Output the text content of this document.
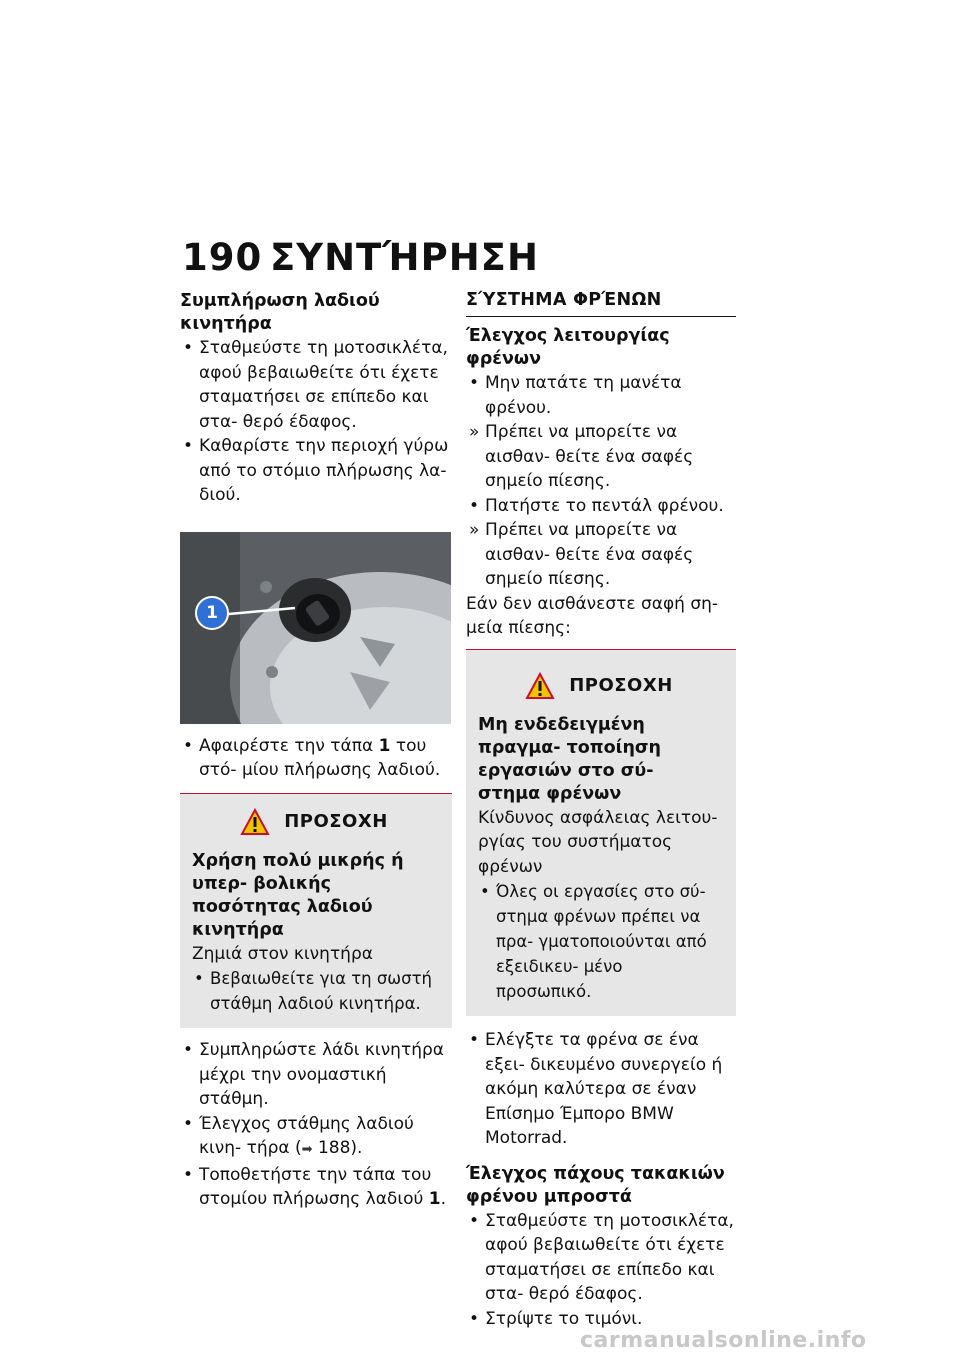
190 ΣΥΝΤΉΡΗΣΗ

Συμπλήρωση λαδιού κινητήρα

• Σταθμεύστε τη μοτοσικλέτα, αφού βεβαιωθείτε ότι έχετε σταματήσει σε επίπεδο και στα- θερό έδαφος.

• Καθαρίστε την περιοχή γύρω από το στόμιο πλήρωσης λα- διού.

1

• Αφαιρέστε την τάπα 1 του στό- μίου πλήρωσης λαδιού.

ΠΡΟΣΟΧΗ

Χρήση πολύ μικρής ή υπερ- βολικής ποσότητας λαδιού κινητήρα

Ζημιά στον κινητήρα

• Βεβαιωθείτε για τη σωστή στάθμη λαδιού κινητήρα.

• Συμπληρώστε λάδι κινητήρα μέχρι την ονομαστική στάθμη.

• Έλεγχος στάθμης λαδιού κινη- τήρα (➡ 188).

• Τοποθετήστε την τάπα του στομίου πλήρωσης λαδιού 1.

ΣΎΣΤΗΜΑ ΦΡΈΝΩΝ

Έλεγχος λειτουργίας φρένων

• Μην πατάτε τη μανέτα φρένου.

» Πρέπει να μπορείτε να αισθαν- θείτε ένα σαφές σημείο πίεσης.

• Πατήστε το πεντάλ φρένου.

» Πρέπει να μπορείτε να αισθαν- θείτε ένα σαφές σημείο πίεσης.

Εάν δεν αισθάνεστε σαφή ση- μεία πίεσης:

ΠΡΟΣΟΧΗ

Μη ενδεδειγμένη πραγμα- τοποίηση εργασιών στο σύ- στημα φρένων

Κίνδυνος ασφάλειας λειτου- ργίας του συστήματος φρένων

• Όλες οι εργασίες στο σύ- στημα φρένων πρέπει να πρα- γματοποιούνται από εξειδικευ- μένο προσωπικό.

• Ελέγξτε τα φρένα σε ένα εξει- δικευμένο συνεργείο ή ακόμη καλύτερα σε έναν Επίσημο Έμπορο BMW Motorrad.

Έλεγχος πάχους τακακιών φρένου μπροστά

• Σταθμεύστε τη μοτοσικλέτα, αφού βεβαιωθείτε ότι έχετε σταματήσει σε επίπεδο και στα- θερό έδαφος.

• Στρίψτε το τιμόνι.

carmanualsonline.info
